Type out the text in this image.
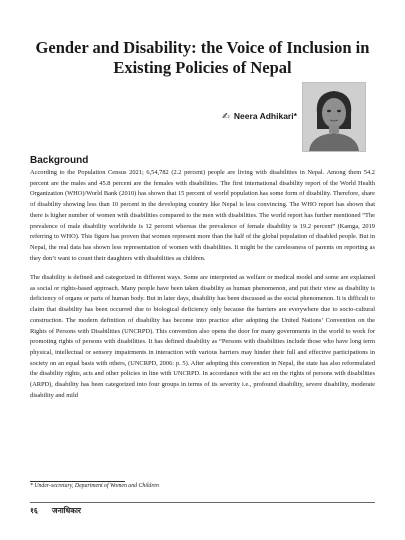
Gender and Disability: the Voice of Inclusion in Existing Policies of Nepal
✍ Neera Adhikari*
Background

According to the Population Census 2021; 6,54,782 (2.2 percent) people are living with disabilities in Nepal. Among them 54.2 percent are the males and 45.8 percent are the females with disabilities. The first international disability report of the World Health Organization (WHO)/World Bank (2010) has shown that 15 percent of world population has some form of disability. Therefore, share of disability showing less than 10 percent in the developing country like Nepal is less convincing. The WHO report has shown that there is higher number of women with disabilities compared to the men with disabilities. The world report has further mentioned “The prevalence of male disability worldwide is 12 percent whereas the prevalence of female disability is 19.2 percent” (Kamga, 2019 referring to WHO). This figure has proven that women represent more than the half of the global population of disabled people. But in Nepal, the real data has shown less representation of women with disabilities. It might be the carelessness of parents on reporting as they don’t want to count their daughters with disabilities as children.

The disability is defined and categorized in different ways. Some are interpreted as welfare or medical model and some are explained as social or rights-based approach. Many people have been taken disability as human phenomenon, and put their view as disability is deficiency of organs or parts of human body. But in later days, disability has been discussed as the social phenomenon. It is difficult to claim that disability has been occurred due to biological deficiency only because the barriers are everywhere due to socio-cultural construction. The modern definition of disability has become into practice after adopting the United Nations’ Convention on the Rights of Persons with Disabilities (UNCRPD). This convention also opens the door for many governments in the world to work for promoting rights of persons with disabilities. It has defined disability as “Persons with disabilities include those who have long term physical, intellectual or sensory impairments in interaction with various barriers may hinder their full and effective participations in society on an equal basis with others, (UNCRPD, 2006: p. 5). After adopting this convention in Nepal, the state has also reformulated the disability rights, acts and other policies in line with UNCRPD. In accordance with the act on the rights of persons with disabilities (ARPD), disability has been categorized into four groups in terms of its severity i.e., profound disability, severe disability, moderate disability and mild

* Under-secretary, Department of Women and Children

१६ जनाधिकार
